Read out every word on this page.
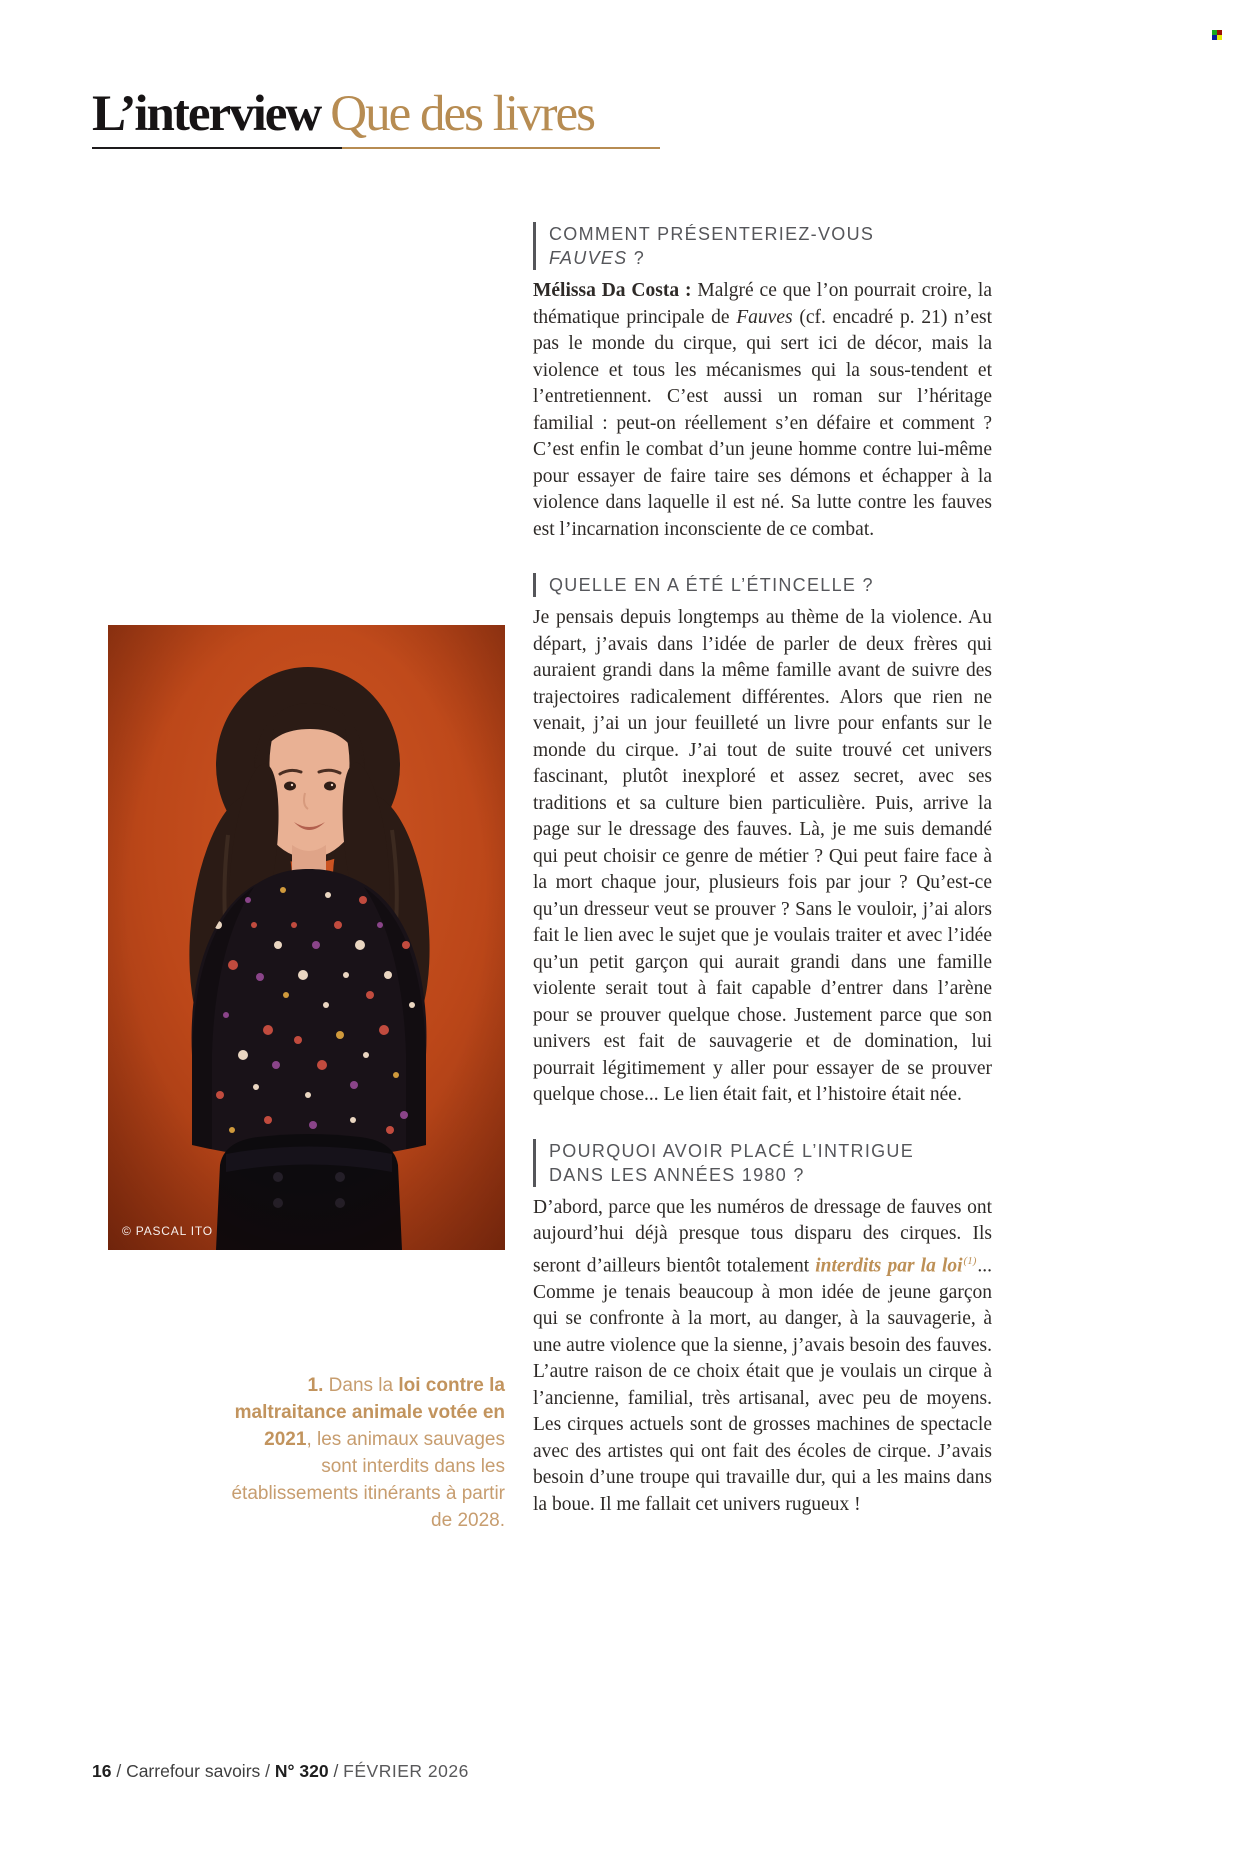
L’interview Que des livres
© PASCAL ITO
1. Dans la loi contre la maltraitance animale votée en 2021, les animaux sauvages sont interdits dans les établissements itinérants à partir de 2028.
COMMENT PRÉSENTERIEZ-VOUS
FAUVES ?

Mélissa Da Costa : Malgré ce que l’on pourrait croire, la thématique principale de Fauves (cf. encadré p. 21) n’est pas le monde du cirque, qui sert ici de décor, mais la violence et tous les mécanismes qui la sous-tendent et l’entretiennent. C’est aussi un roman sur l’héritage familial : peut-on réellement s’en défaire et comment ? C’est enfin le combat d’un jeune homme contre lui-même pour essayer de faire taire ses démons et échapper à la violence dans laquelle il est né. Sa lutte contre les fauves est l’incarnation inconsciente de ce combat.

QUELLE EN A ÉTÉ L’ÉTINCELLE ?

Je pensais depuis longtemps au thème de la violence. Au départ, j’avais dans l’idée de parler de deux frères qui auraient grandi dans la même famille avant de suivre des trajectoires radicalement différentes. Alors que rien ne venait, j’ai un jour feuilleté un livre pour enfants sur le monde du cirque. J’ai tout de suite trouvé cet univers fascinant, plutôt inexploré et assez secret, avec ses traditions et sa culture bien particulière. Puis, arrive la page sur le dressage des fauves. Là, je me suis demandé qui peut choisir ce genre de métier ? Qui peut faire face à la mort chaque jour, plusieurs fois par jour ? Qu’est-ce qu’un dresseur veut se prouver ? Sans le vouloir, j’ai alors fait le lien avec le sujet que je voulais traiter et avec l’idée qu’un petit garçon qui aurait grandi dans une famille violente serait tout à fait capable d’entrer dans l’arène pour se prouver quelque chose. Justement parce que son univers est fait de sauvagerie et de domination, lui pourrait légitimement y aller pour essayer de se prouver quelque chose... Le lien était fait, et l’histoire était née.

POURQUOI AVOIR PLACÉ L’INTRIGUE
DANS LES ANNÉES 1980 ?

D’abord, parce que les numéros de dressage de fauves ont aujourd’hui déjà presque tous disparu des cirques. Ils seront d’ailleurs bientôt totalement interdits par la loi$^{(1)}$... Comme je tenais beaucoup à mon idée de jeune garçon qui se confronte à la mort, au danger, à la sauvagerie, à une autre violence que la sienne, j’avais besoin des fauves. L’autre raison de ce choix était que je voulais un cirque à l’ancienne, familial, très artisanal, avec peu de moyens. Les cirques actuels sont de grosses machines de spectacle avec des artistes qui ont fait des écoles de cirque. J’avais besoin d’une troupe qui travaille dur, qui a les mains dans la boue. Il me fallait cet univers rugueux !

16 / Carrefour savoirs / N° 320 / FÉVRIER 2026
